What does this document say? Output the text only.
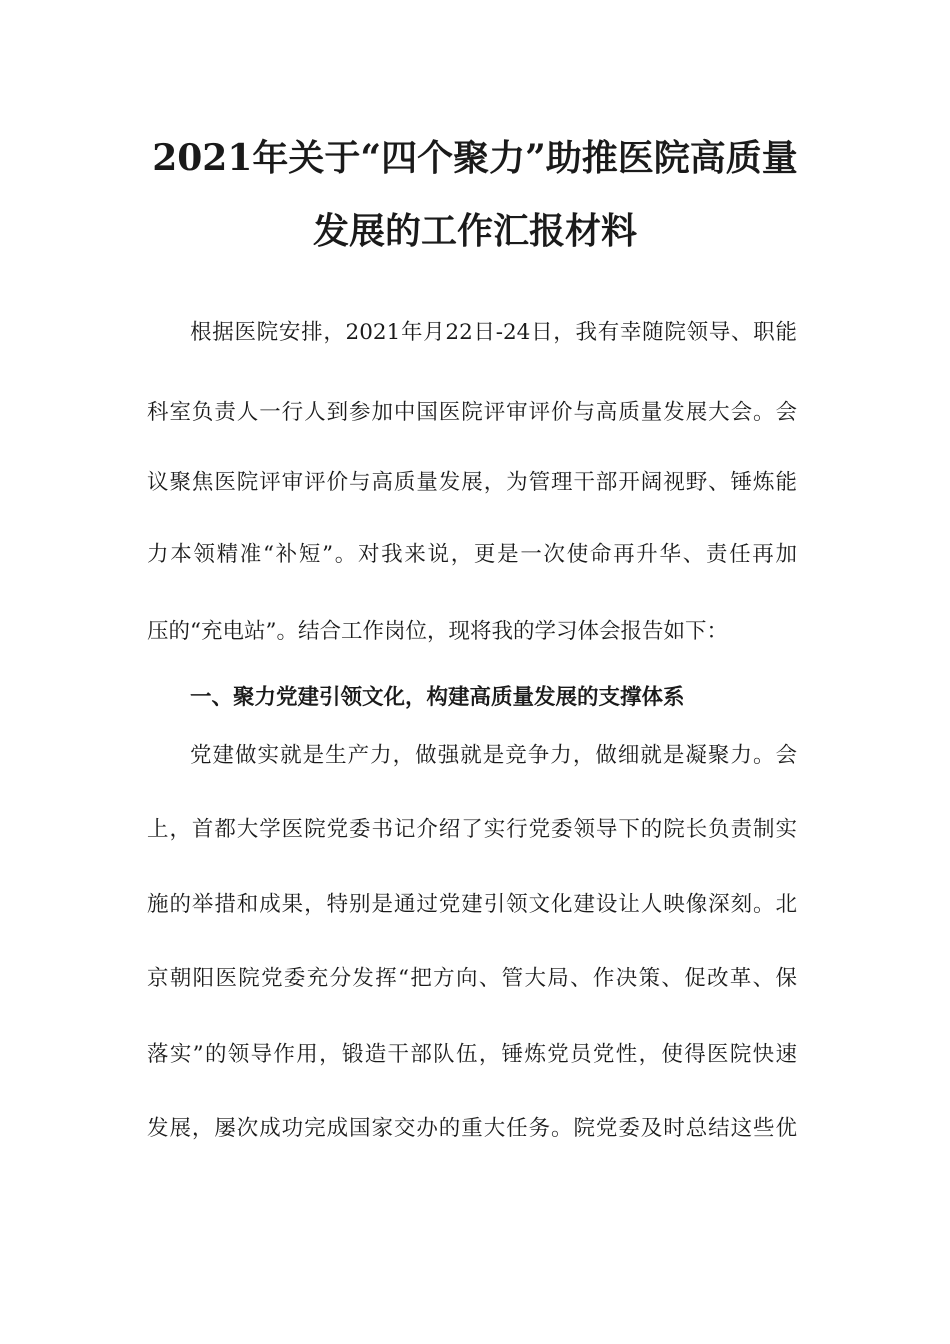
2021年关于“四个聚力”助推医院高质量
发展的工作汇报材料
根据医院安排，2021年月22日-24日，我有幸随院领导、职能
科室负责人一行人到参加中国医院评审评价与高质量发展大会。会
议聚焦医院评审评价与高质量发展，为管理干部开阔视野、锤炼能
力本领精准“补短”。对我来说，更是一次使命再升华、责任再加
压的“充电站”。结合工作岗位，现将我的学习体会报告如下：
一、聚力党建引领文化，构建高质量发展的支撑体系
党建做实就是生产力，做强就是竞争力，做细就是凝聚力。会
上，首都大学医院党委书记介绍了实行党委领导下的院长负责制实
施的举措和成果，特别是通过党建引领文化建设让人映像深刻。北
京朝阳医院党委充分发挥“把方向、管大局、作决策、促改革、保
落实”的领导作用，锻造干部队伍，锤炼党员党性，使得医院快速
发展，屡次成功完成国家交办的重大任务。院党委及时总结这些优
